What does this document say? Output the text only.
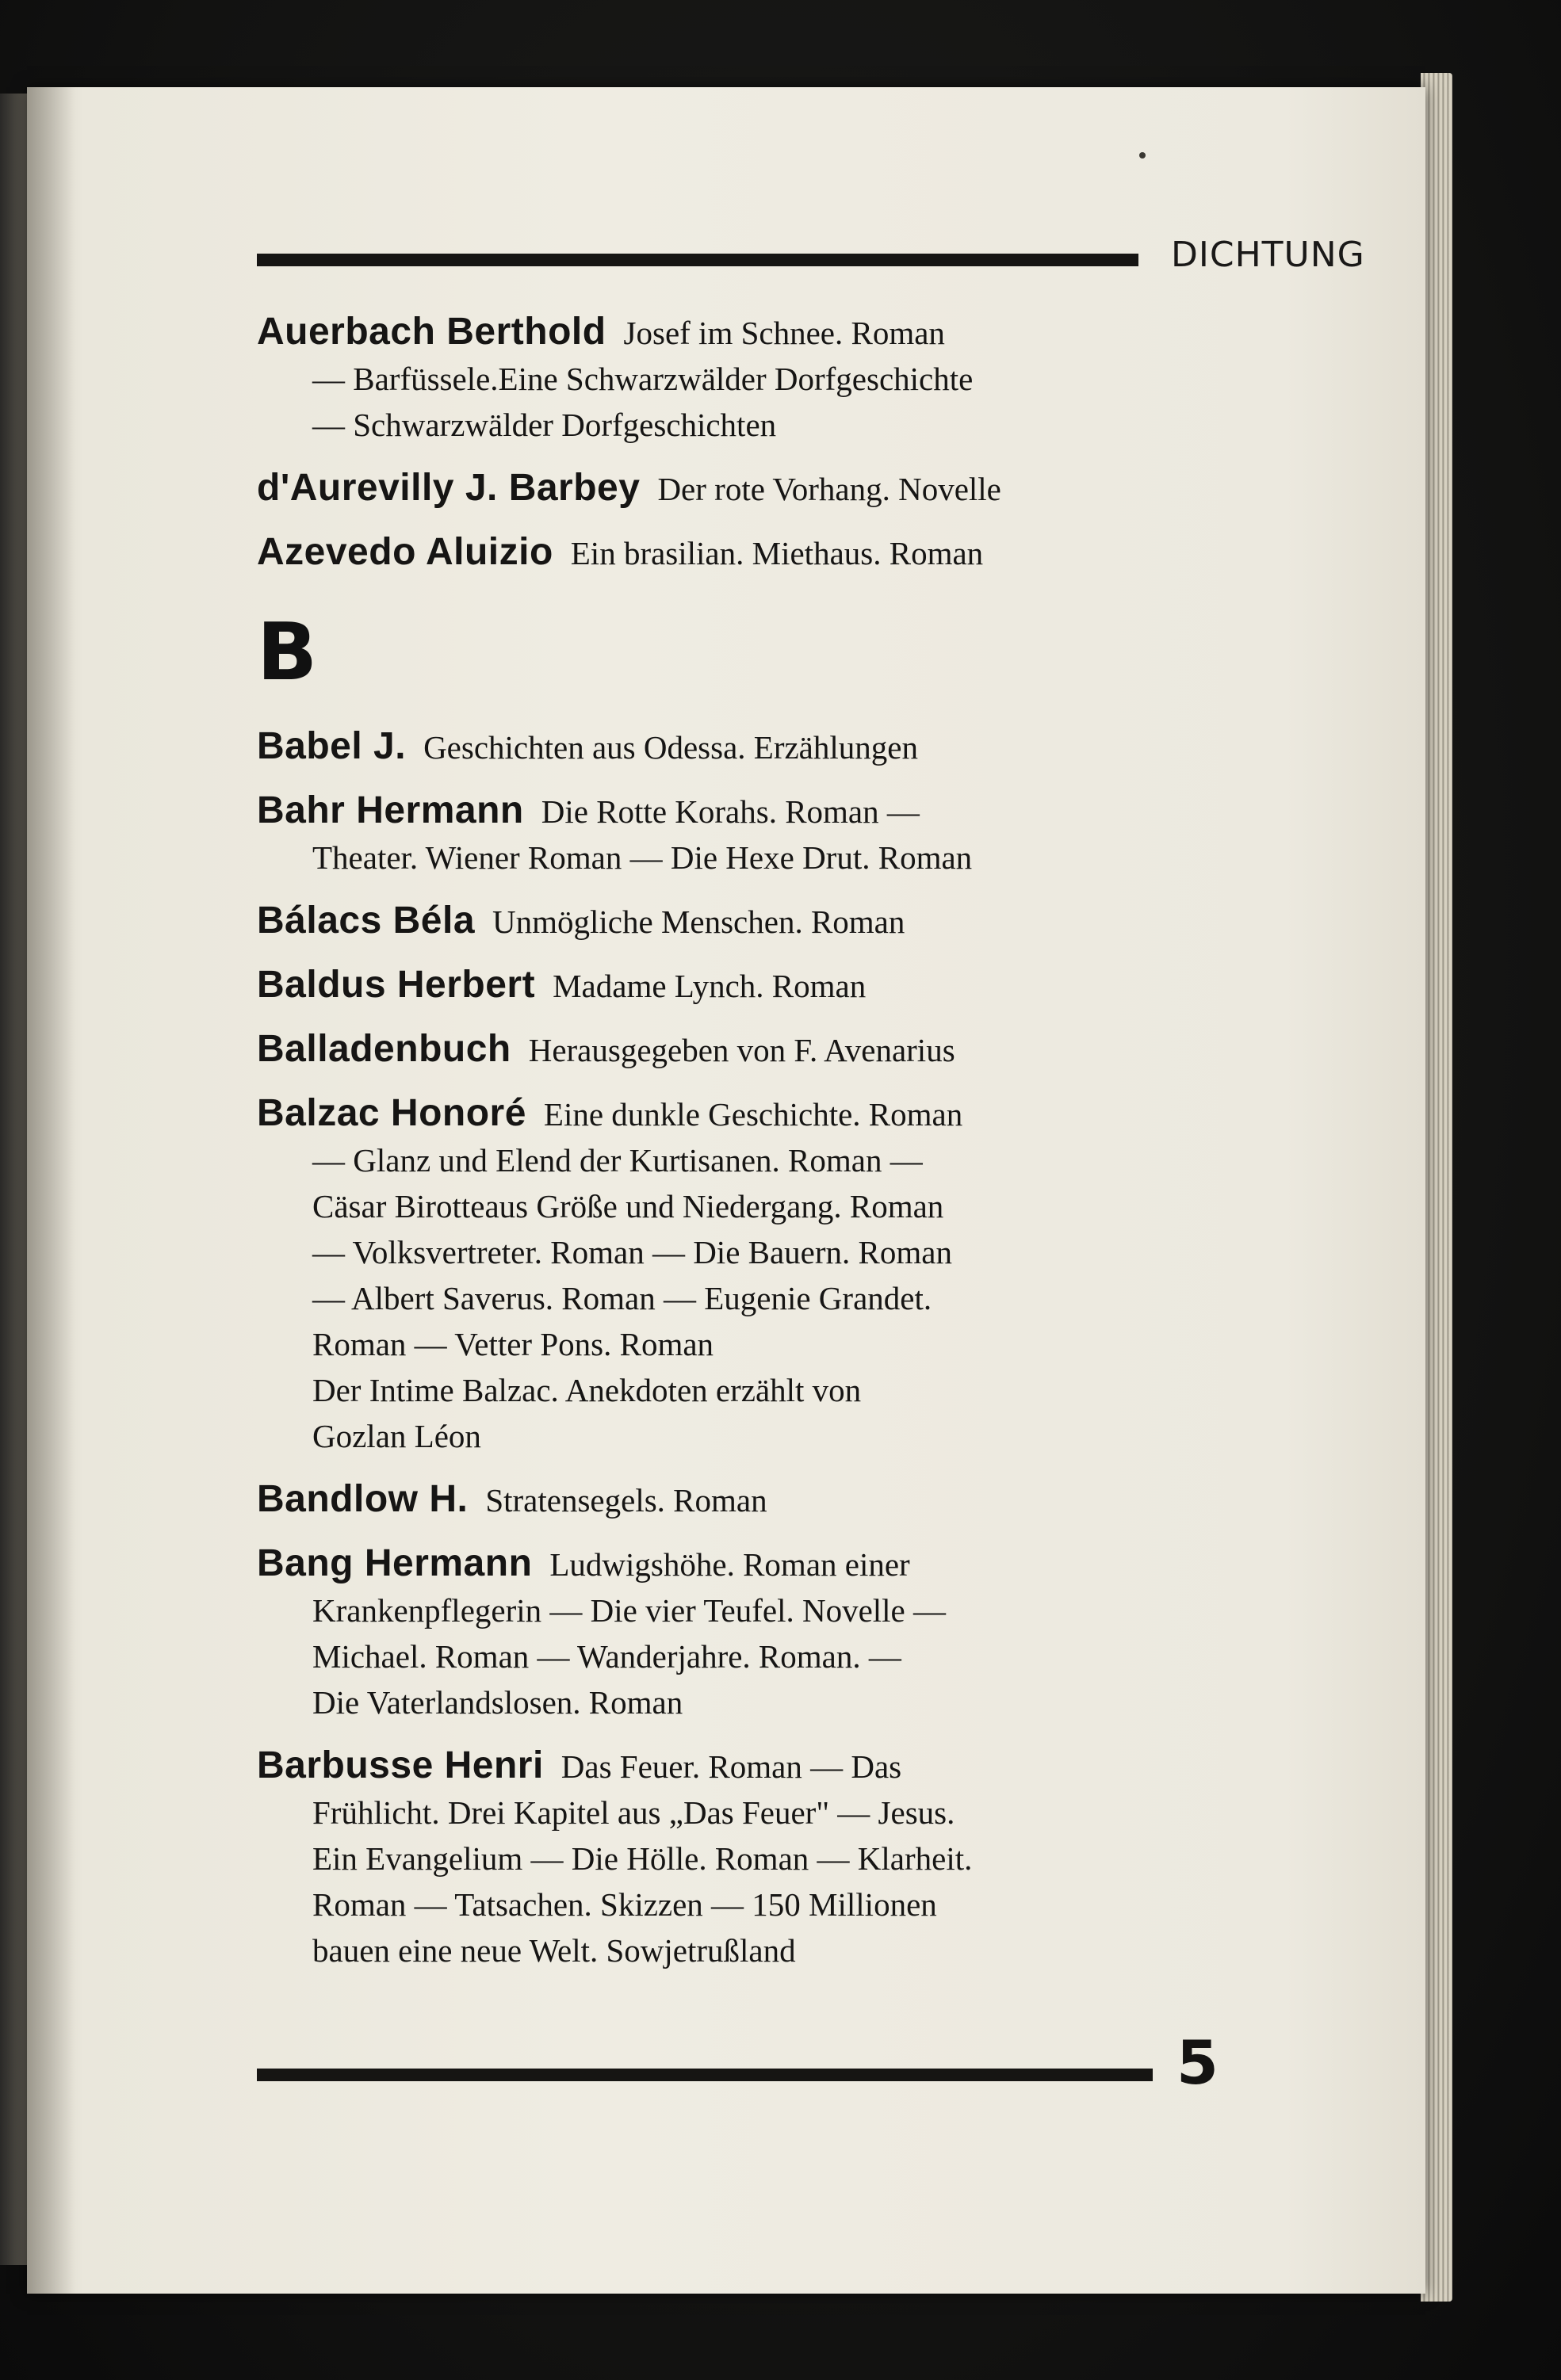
DICHTUNG
Auerbach Berthold Josef im Schnee. Roman
— Barfüssele.Eine Schwarzwälder Dorfgeschichte
— Schwarzwälder Dorfgeschichten
d'Aurevilly J. Barbey Der rote Vorhang. Novelle
Azevedo Aluizio Ein brasilian. Miethaus. Roman
B
Babel J. Geschichten aus Odessa. Erzählungen
Bahr Hermann Die Rotte Korahs. Roman —
Theater. Wiener Roman — Die Hexe Drut. Roman
Bálacs Béla Unmögliche Menschen. Roman
Baldus Herbert Madame Lynch. Roman
Balladenbuch Herausgegeben von F. Avenarius
Balzac Honoré Eine dunkle Geschichte. Roman
— Glanz und Elend der Kurtisanen. Roman —
Cäsar Birotteaus Größe und Niedergang. Roman
— Volksvertreter. Roman — Die Bauern. Roman
— Albert Saverus. Roman — Eugenie Grandet.
Roman — Vetter Pons. Roman
Der Intime Balzac. Anekdoten erzählt von
Gozlan Léon
Bandlow H. Stratensegels. Roman
Bang Hermann Ludwigshöhe. Roman einer
Krankenpflegerin — Die vier Teufel. Novelle —
Michael. Roman — Wanderjahre. Roman. —
Die Vaterlandslosen. Roman
Barbusse Henri Das Feuer. Roman — Das
Frühlicht. Drei Kapitel aus „Das Feuer" — Jesus.
Ein Evangelium — Die Hölle. Roman — Klarheit.
Roman — Tatsachen. Skizzen — 150 Millionen
bauen eine neue Welt. Sowjetrußland
5
